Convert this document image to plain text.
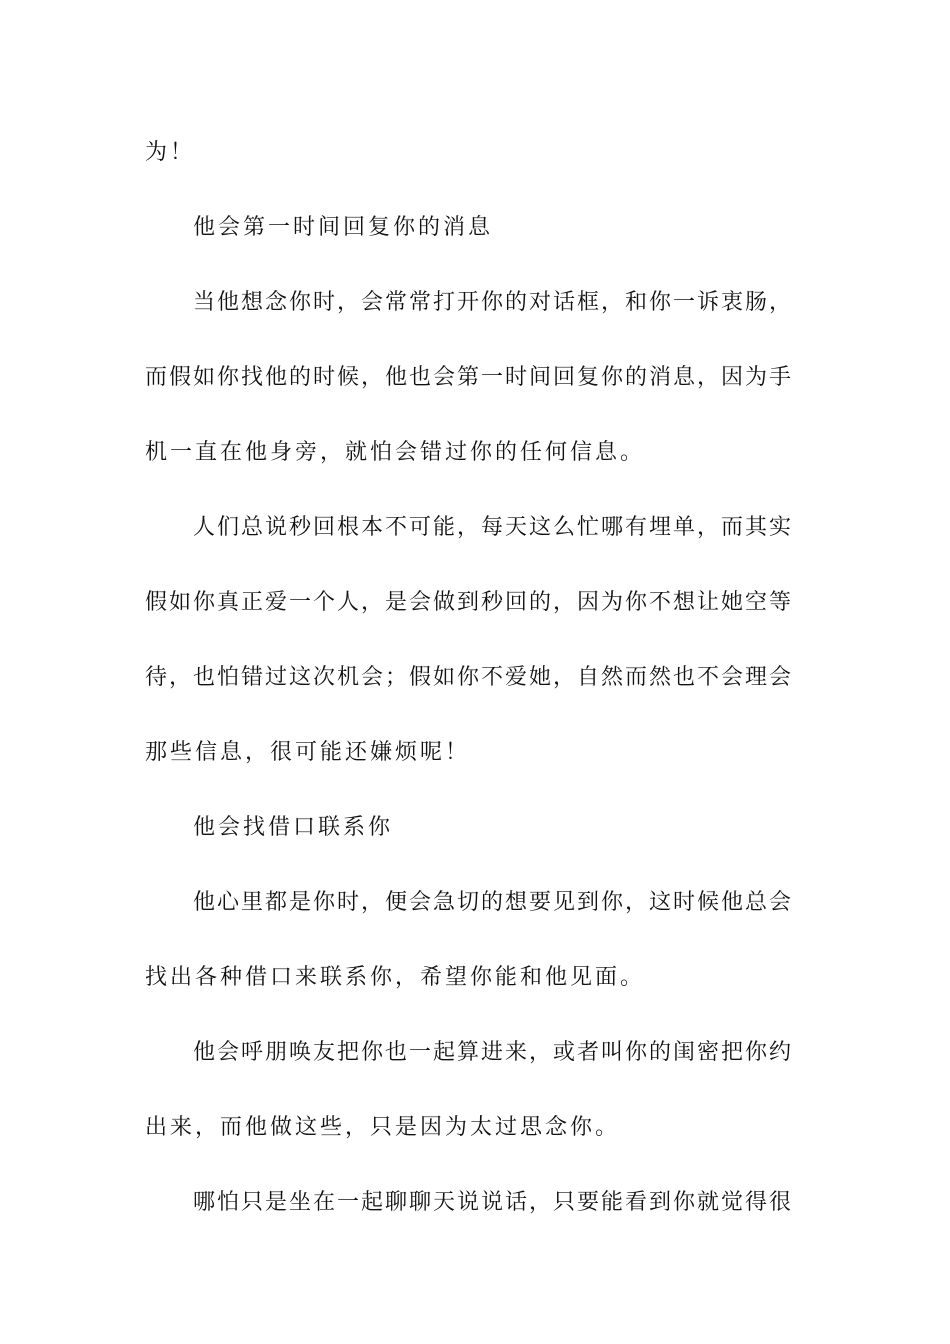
为！

他会第一时间回复你的消息

当他想念你时，会常常打开你的对话框，和你一诉衷肠，

而假如你找他的时候，他也会第一时间回复你的消息，因为手

机一直在他身旁，就怕会错过你的任何信息。

人们总说秒回根本不可能，每天这么忙哪有埋单，而其实

假如你真正爱一个人，是会做到秒回的，因为你不想让她空等

待，也怕错过这次机会；假如你不爱她，自然而然也不会理会

那些信息，很可能还嫌烦呢！

他会找借口联系你

他心里都是你时，便会急切的想要见到你，这时候他总会

找出各种借口来联系你，希望你能和他见面。

他会呼朋唤友把你也一起算进来，或者叫你的闺密把你约

出来，而他做这些，只是因为太过思念你。

哪怕只是坐在一起聊聊天说说话，只要能看到你就觉得很
